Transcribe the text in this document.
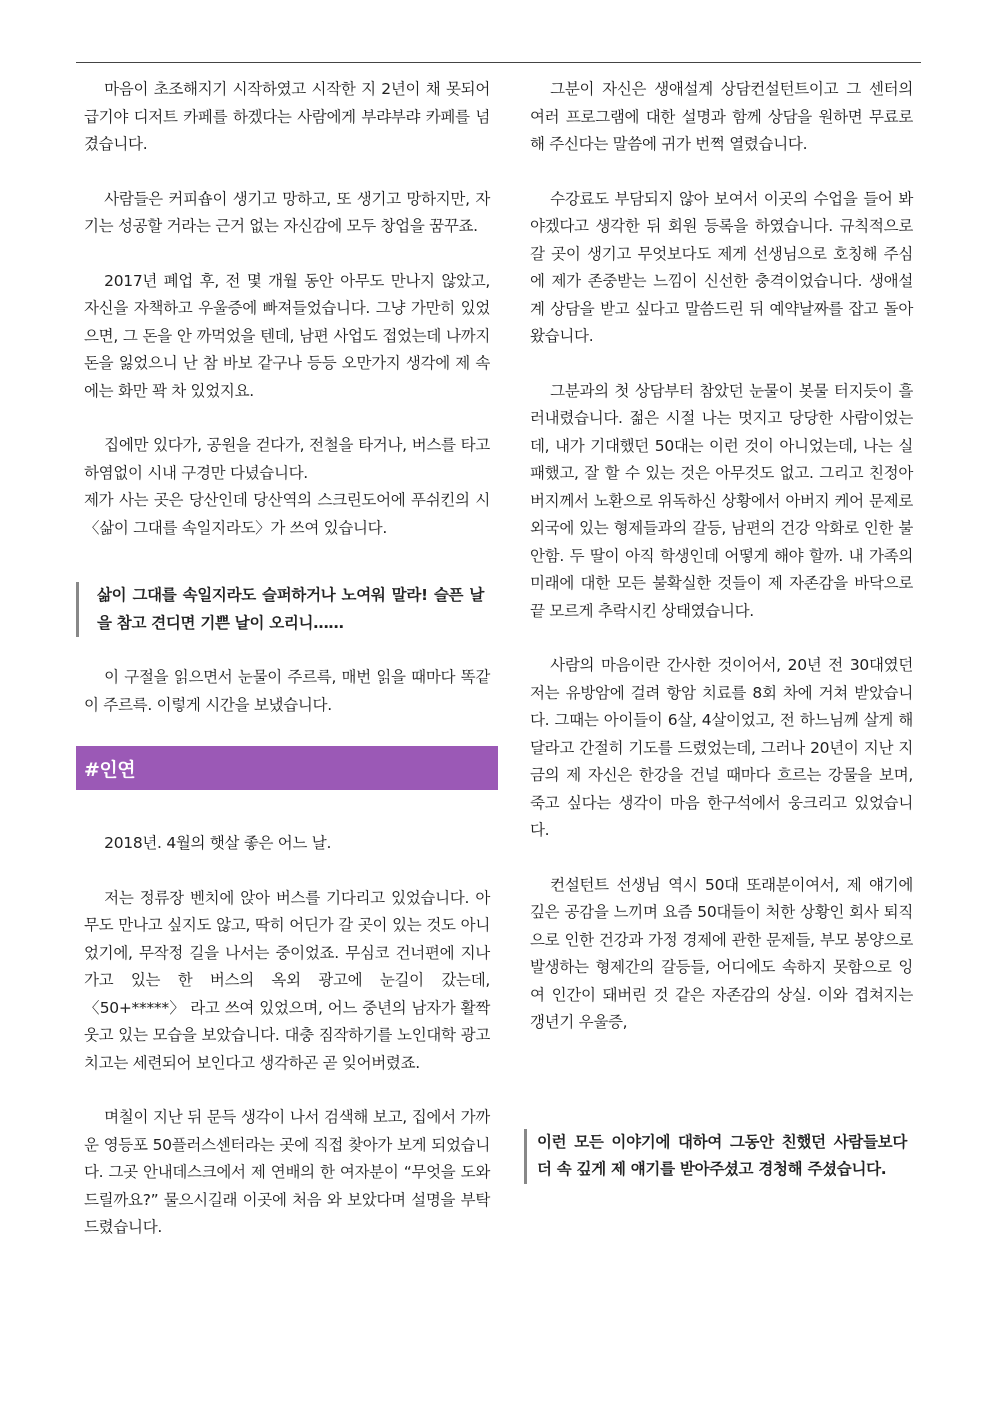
마음이 초조해지기 시작하였고 시작한 지 2년이 채 못되어 급기야 디저트 카페를 하겠다는 사람에게 부랴부랴 카페를 넘겼습니다.

사람들은 커피숍이 생기고 망하고, 또 생기고 망하지만, 자기는 성공할 거라는 근거 없는 자신감에 모두 창업을 꿈꾸죠.

2017년 폐업 후, 전 몇 개월 동안 아무도 만나지 않았고, 자신을 자책하고 우울증에 빠져들었습니다. 그냥 가만히 있었으면, 그 돈을 안 까먹었을 텐데, 남편 사업도 접었는데 나까지 돈을 잃었으니 난 참 바보 같구나 등등 오만가지 생각에 제 속에는 화만 꽉 차 있었지요.

집에만 있다가, 공원을 걷다가, 전철을 타거나, 버스를 타고 하염없이 시내 구경만 다녔습니다.

제가 사는 곳은 당산인데 당산역의 스크린도어에 푸쉬킨의 시 〈삶이 그대를 속일지라도〉가 쓰여 있습니다.

삶이 그대를 속일지라도 슬퍼하거나 노여워 말라! 슬픈 날을 참고 견디면 기쁜 날이 오리니……

이 구절을 읽으면서 눈물이 주르륵, 매번 읽을 때마다 똑같이 주르륵. 이렇게 시간을 보냈습니다.

#인연

2018년. 4월의 햇살 좋은 어느 날.

저는 정류장 벤치에 앉아 버스를 기다리고 있었습니다. 아무도 만나고 싶지도 않고, 딱히 어딘가 갈 곳이 있는 것도 아니었기에, 무작정 길을 나서는 중이었죠. 무심코 건너편에 지나가고 있는 한 버스의 옥외 광고에 눈길이 갔는데, 〈50+*****〉 라고 쓰여 있었으며, 어느 중년의 남자가 활짝 웃고 있는 모습을 보았습니다. 대충 짐작하기를 노인대학 광고치고는 세련되어 보인다고 생각하곤 곧 잊어버렸죠.

며칠이 지난 뒤 문득 생각이 나서 검색해 보고, 집에서 가까운 영등포 50플러스센터라는 곳에 직접 찾아가 보게 되었습니다. 그곳 안내데스크에서 제 연배의 한 여자분이 “무엇을 도와 드릴까요?” 물으시길래 이곳에 처음 와 보았다며 설명을 부탁드렸습니다.

그분이 자신은 생애설계 상담컨설턴트이고 그 센터의 여러 프로그램에 대한 설명과 함께 상담을 원하면 무료로 해 주신다는 말씀에 귀가 번쩍 열렸습니다.

수강료도 부담되지 않아 보여서 이곳의 수업을 들어 봐야겠다고 생각한 뒤 회원 등록을 하였습니다. 규칙적으로 갈 곳이 생기고 무엇보다도 제게 선생님으로 호칭해 주심에 제가 존중받는 느낌이 신선한 충격이었습니다. 생애설계 상담을 받고 싶다고 말씀드린 뒤 예약날짜를 잡고 돌아왔습니다.

그분과의 첫 상담부터 참았던 눈물이 봇물 터지듯이 흘러내렸습니다. 젊은 시절 나는 멋지고 당당한 사람이었는데, 내가 기대했던 50대는 이런 것이 아니었는데, 나는 실패했고, 잘 할 수 있는 것은 아무것도 없고. 그리고 친정아버지께서 노환으로 위독하신 상황에서 아버지 케어 문제로 외국에 있는 형제들과의 갈등, 남편의 건강 악화로 인한 불안함. 두 딸이 아직 학생인데 어떻게 해야 할까. 내 가족의 미래에 대한 모든 불확실한 것들이 제 자존감을 바닥으로 끝 모르게 추락시킨 상태였습니다.

사람의 마음이란 간사한 것이어서, 20년 전 30대였던 저는 유방암에 걸려 항암 치료를 8회 차에 거쳐 받았습니다. 그때는 아이들이 6살, 4살이었고, 전 하느님께 살게 해달라고 간절히 기도를 드렸었는데, 그러나 20년이 지난 지금의 제 자신은 한강을 건널 때마다 흐르는 강물을 보며, 죽고 싶다는 생각이 마음 한구석에서 웅크리고 있었습니다.

컨설턴트 선생님 역시 50대 또래분이여서, 제 얘기에 깊은 공감을 느끼며 요즘 50대들이 처한 상황인 회사 퇴직으로 인한 건강과 가정 경제에 관한 문제들, 부모 봉양으로 발생하는 형제간의 갈등들, 어디에도 속하지 못함으로 잉여 인간이 돼버린 것 같은 자존감의 상실. 이와 겹쳐지는 갱년기 우울증,

이런 모든 이야기에 대하여 그동안 친했던 사람들보다 더 속 깊게 제 얘기를 받아주셨고 경청해 주셨습니다.
